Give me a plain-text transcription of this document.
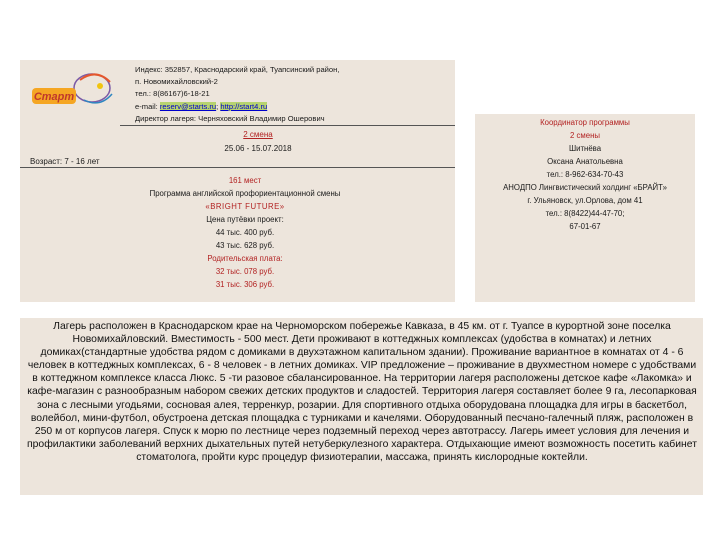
Старт
Индекс: 352857, Краснодарский край, Туапсинский район,
п. Новомихайловский-2
тел.: 8(86167)6-18-21
e-mail: reserv@starts.ru; http://start4.ru
Директор лагеря: Черняховский Владимир Ошерович
2 смена
25.06 - 15.07.2018
Возраст: 7 - 16 лет
161 мест
Программа английской профориентационной смены
«BRIGHT FUTURE»
Цена путёвки проект:
44 тыс. 400 руб.
43 тыс. 628 руб.
Родительская плата:
32 тыс. 078 руб.
31 тыс. 306 руб.
Координатор программы
2 смены
Шитнёва
Оксана Анатольевна
тел.: 8-962-634-70-43
АНОДПО Лингвистический холдинг «БРАЙТ»
г. Ульяновск, ул.Орлова, дом 41
тел.: 8(8422)44-47-70;
67-01-67
Лагерь расположен в Краснодарском крае на Черноморском побережье Кавказа, в 45 км. от г. Туапсе в курортной зоне поселка Новомихайловский. Вместимость - 500 мест. Дети проживают в коттеджных комплексах (удобства в комнатах) и летних домиках(стандартные удобства рядом с домиками в двухэтажном капитальном здании). Проживание вариантное в комнатах от 4 - 6 человек в коттеджных комплексах, 6 - 8 человек - в летних домиках. VIP предложение – проживание в двухместном номере с удобствами в коттеджном комплексе класса Люкс. 5 -ти разовое сбалансированное. На территории лагеря расположены детское кафе «Лакомка» и кафе-магазин с разнообразным набором свежих детских продуктов и сладостей. Территория лагеря составляет более 9 га, лесопарковая зона с лесными угодьями, сосновая алея, терренкур, розарии. Для спортивного отдыха оборудована площадка для игры в баскетбол, волейбол, мини-футбол, обустроена детская площадка с турниками и качелями. Оборудованный песчано-галечный пляж, расположен в 250 м от корпусов лагеря. Спуск к морю по лестнице через подземный переход через автотрассу. Лагерь имеет условия для лечения и профилактики заболеваний верхних дыхательных путей нетуберкулезного характера. Отдыхающие имеют возможность посетить кабинет стоматолога, пройти курс процедур физиотерапии, массажа, принять кислородные коктейли.
